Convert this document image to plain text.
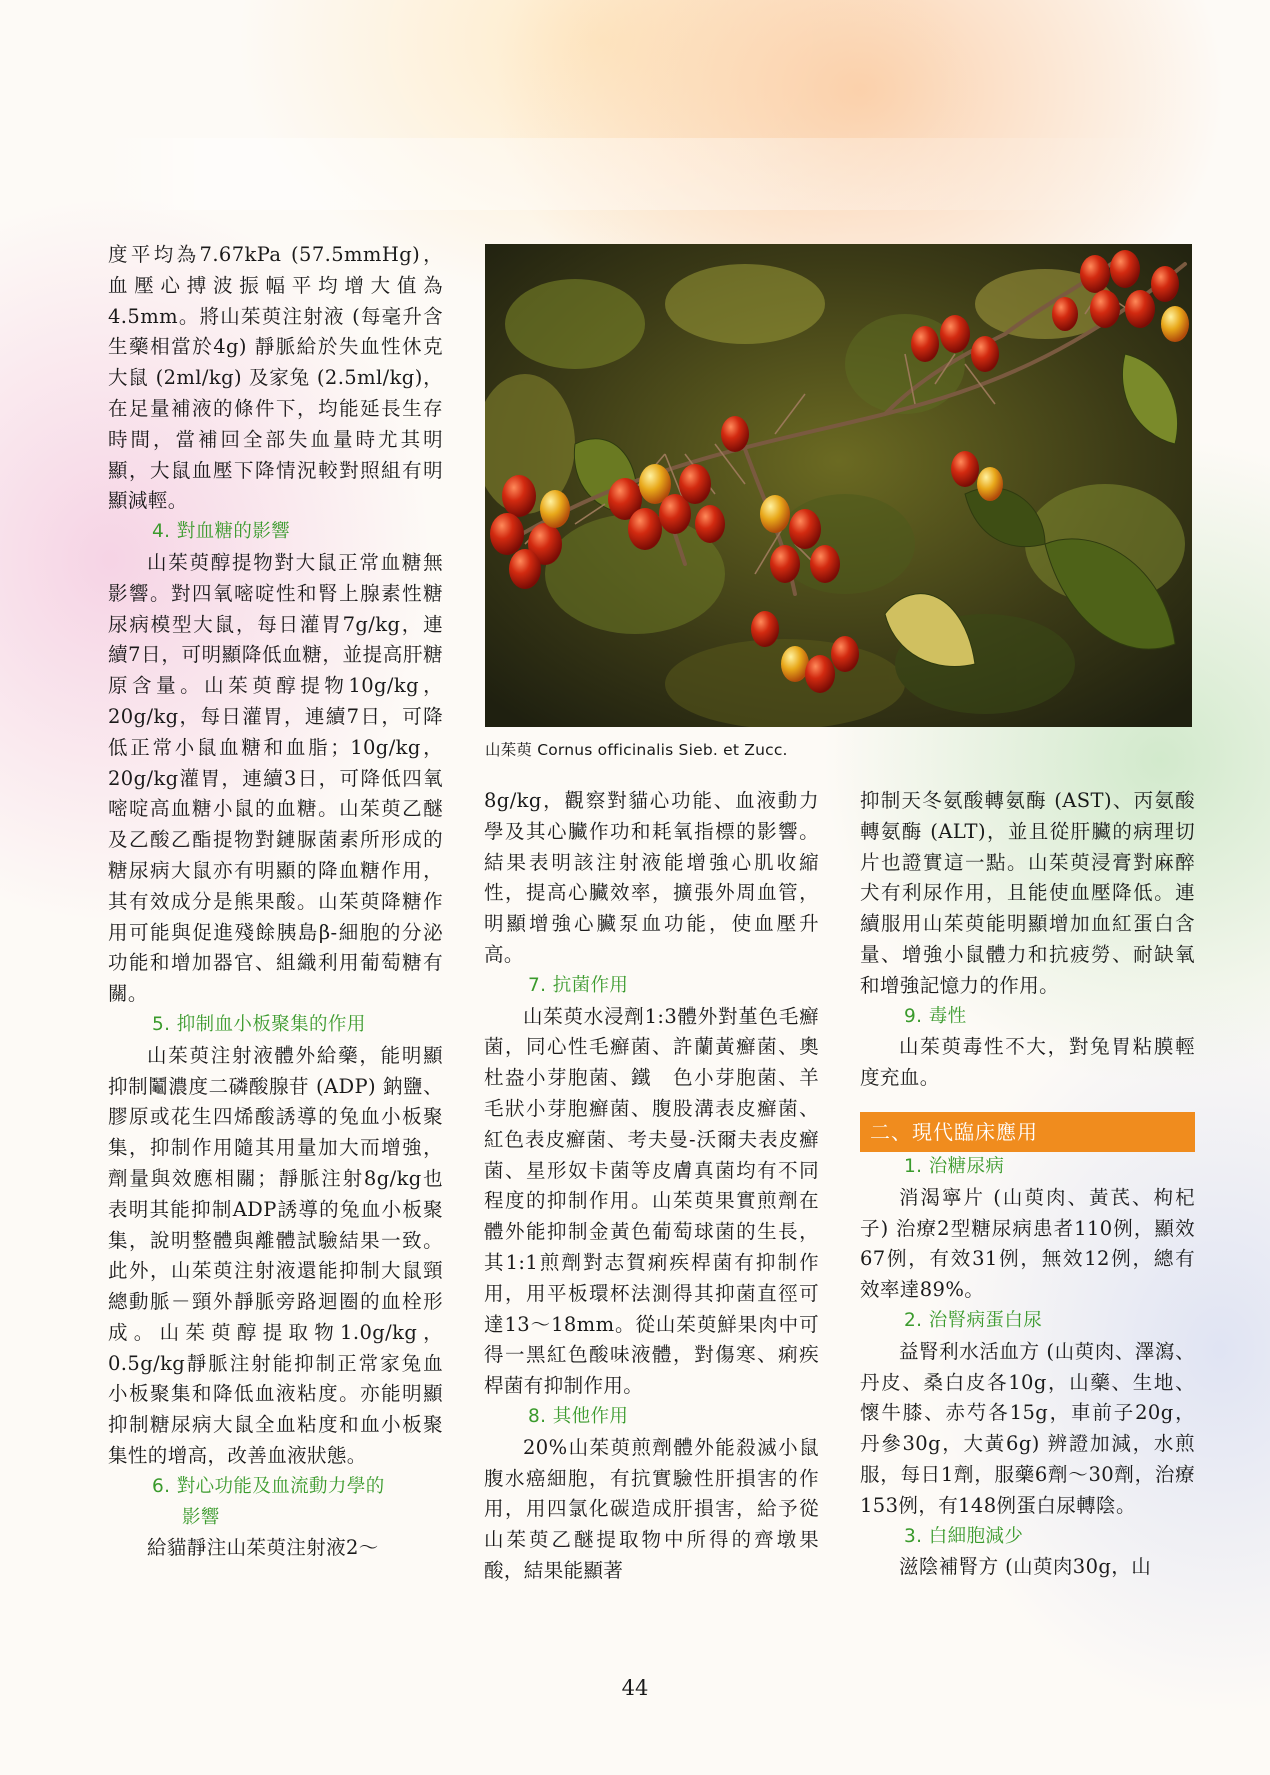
度平均為7.67kPa (57.5mmHg)，血壓心搏波振幅平均增大值為4.5mm。將山茱萸注射液 (每毫升含生藥相當於4g) 靜脈給於失血性休克大鼠 (2ml/kg) 及家兔 (2.5ml/kg)，在足量補液的條件下，均能延長生存時間，當補回全部失血量時尤其明顯，大鼠血壓下降情況較對照組有明顯減輕。

4. 對血糖的影響

山茱萸醇提物對大鼠正常血糖無影響。對四氧嘧啶性和腎上腺素性糖尿病模型大鼠，每日灌胃7g/kg，連續7日，可明顯降低血糖，並提高肝糖原含量。山茱萸醇提物10g/kg，20g/kg，每日灌胃，連續7日，可降低正常小鼠血糖和血脂；10g/kg，20g/kg灌胃，連續3日，可降低四氧嘧啶高血糖小鼠的血糖。山茱萸乙醚及乙酸乙酯提物對鏈脲菌素所形成的糖尿病大鼠亦有明顯的降血糖作用，其有效成分是熊果酸。山茱萸降糖作用可能與促進殘餘胰島β-細胞的分泌功能和增加器官、組織利用葡萄糖有關。

5. 抑制血小板聚集的作用

山茱萸注射液體外給藥，能明顯抑制鬮濃度二磷酸腺苷 (ADP) 鈉鹽、膠原或花生四烯酸誘導的兔血小板聚集，抑制作用隨其用量加大而增強，劑量與效應相關；靜脈注射8g/kg也表明其能抑制ADP誘導的兔血小板聚集，說明整體與離體試驗結果一致。此外，山茱萸注射液還能抑制大鼠頸總動脈－頸外靜脈旁路迴圈的血栓形成。山茱萸醇提取物1.0g/kg，0.5g/kg靜脈注射能抑制正常家兔血小板聚集和降低血液粘度。亦能明顯抑制糖尿病大鼠全血粘度和血小板聚集性的增高，改善血液狀態。

6. 對心功能及血流動力學的
影響

給貓靜注山茱萸注射液2～

山茱萸 Cornus officinalis Sieb. et Zucc.

8g/kg，觀察對貓心功能、血液動力學及其心臟作功和耗氧指標的影響。結果表明該注射液能增強心肌收縮性，提高心臟效率，擴張外周血管，明顯增強心臟泵血功能，使血壓升高。

7. 抗菌作用

山茱萸水浸劑1:3體外對堇色毛癬菌，同心性毛癬菌、許蘭黃癬菌、奧杜盎小芽胞菌、鐵　色小芽胞菌、羊毛狀小芽胞癬菌、腹股溝表皮癬菌、紅色表皮癬菌、考夫曼-沃爾夫表皮癬菌、星形奴卡菌等皮膚真菌均有不同程度的抑制作用。山茱萸果實煎劑在體外能抑制金黃色葡萄球菌的生長，其1:1煎劑對志賀痢疾桿菌有抑制作用，用平板環杯法測得其抑菌直徑可達13～18mm。從山茱萸鮮果肉中可得一黑紅色酸味液體，對傷寒、痢疾桿菌有抑制作用。

8. 其他作用

20%山茱萸煎劑體外能殺滅小鼠腹水癌細胞，有抗實驗性肝損害的作用，用四氯化碳造成肝損害，給予從山茱萸乙醚提取物中所得的齊墩果酸，結果能顯著

抑制天冬氨酸轉氨酶 (AST)、丙氨酸轉氨酶 (ALT)，並且從肝臟的病理切片也證實這一點。山茱萸浸膏對麻醉犬有利尿作用，且能使血壓降低。連續服用山茱萸能明顯增加血紅蛋白含量、增強小鼠體力和抗疲勞、耐缺氧和增強記憶力的作用。

9. 毒性

山茱萸毒性不大，對兔胃粘膜輕度充血。

二、現代臨床應用
1. 治糖尿病

消渴寧片 (山萸肉、黃芪、枸杞子) 治療2型糖尿病患者110例，顯效67例，有效31例，無效12例，總有效率達89%。

2. 治腎病蛋白尿

益腎利水活血方 (山萸肉、澤瀉、丹皮、桑白皮各10g，山藥、生地、懷牛膝、赤芍各15g，車前子20g，丹參30g，大黃6g) 辨證加減，水煎服，每日1劑，服藥6劑～30劑，治療153例，有148例蛋白尿轉陰。

3. 白細胞減少

滋陰補腎方 (山萸肉30g，山

44
